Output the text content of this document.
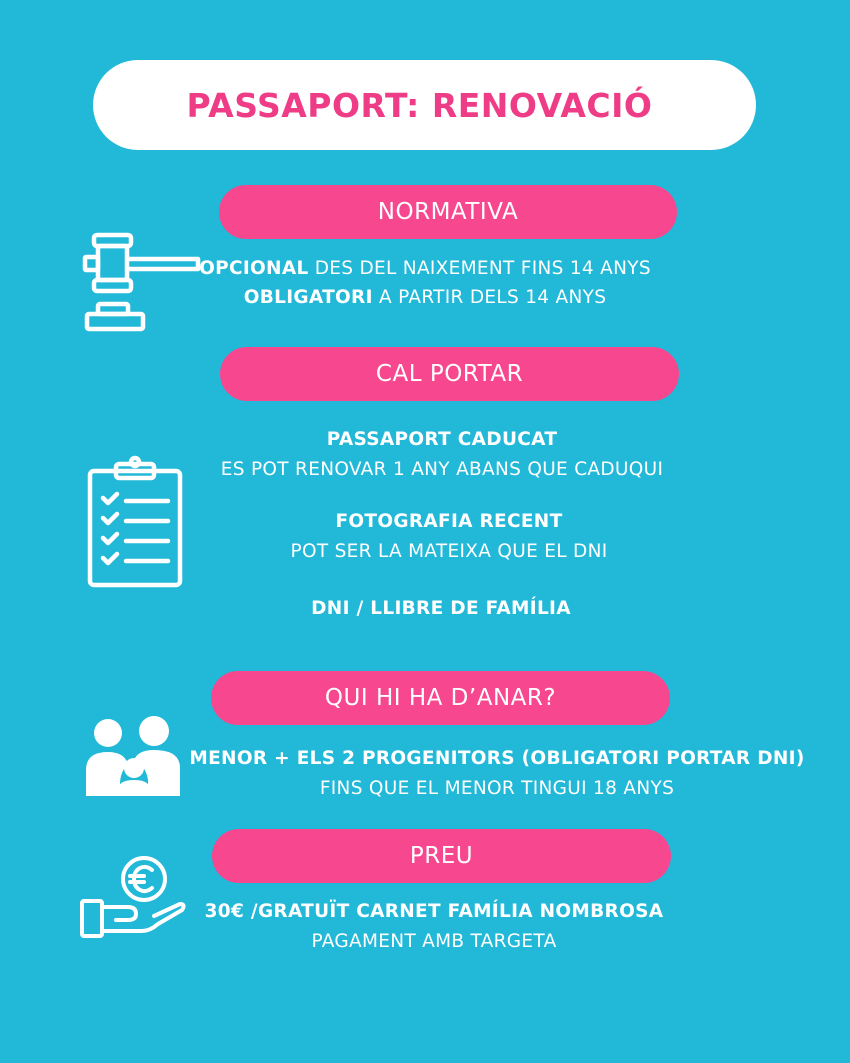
PASSAPORT: RENOVACIÓ
NORMATIVA
OPCIONAL DES DEL NAIXEMENT FINS 14 ANYS
OBLIGATORI A PARTIR DELS 14 ANYS
CAL PORTAR
PASSAPORT CADUCAT
ES POT RENOVAR 1 ANY ABANS QUE CADUQUI
FOTOGRAFIA RECENT
POT SER LA MATEIXA QUE EL DNI
DNI / LLIBRE DE FAMÍLIA
QUI HI HA D’ANAR?
MENOR + ELS 2 PROGENITORS (OBLIGATORI PORTAR DNI)
FINS QUE EL MENOR TINGUI 18 ANYS
PREU
30€ /GRATUÏT CARNET FAMÍLIA NOMBROSA
PAGAMENT AMB TARGETA
